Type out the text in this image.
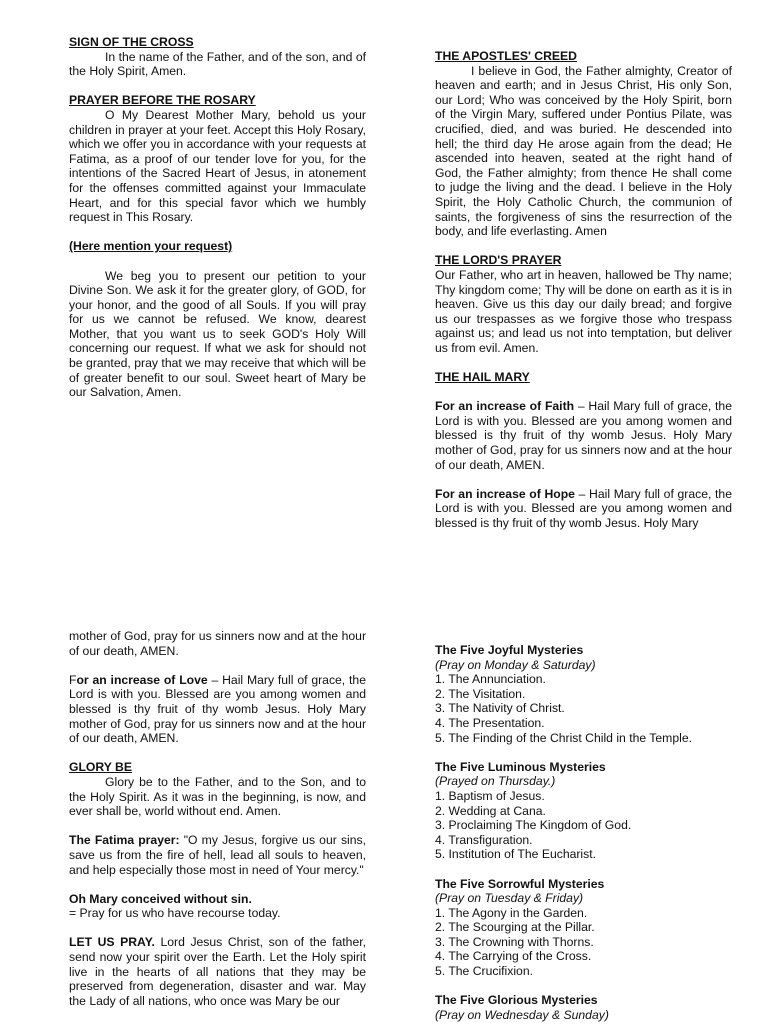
SIGN OF THE CROSS

In the name of the Father, and of the son, and of the Holy Spirit, Amen.

PRAYER BEFORE THE ROSARY

O My Dearest Mother Mary, behold us your children in prayer at your feet. Accept this Holy Rosary, which we offer you in accordance with your requests at Fatima, as a proof of our tender love for you, for the intentions of the Sacred Heart of Jesus, in atonement for the offenses committed against your Immaculate Heart, and for this special favor which we humbly request in This Rosary.

(Here mention your request)

We beg you to present our petition to your Divine Son. We ask it for the greater glory, of GOD, for your honor, and the good of all Souls. If you will pray for us we cannot be refused. We know, dearest Mother, that you want us to seek GOD's Holy Will concerning our request. If what we ask for should not be granted, pray that we may receive that which will be of greater benefit to our soul. Sweet heart of Mary be our Salvation, Amen.

THE APOSTLES' CREED

I believe in God, the Father almighty, Creator of heaven and earth; and in Jesus Christ, His only Son, our Lord; Who was conceived by the Holy Spirit, born of the Virgin Mary, suffered under Pontius Pilate, was crucified, died, and was buried. He descended into hell; the third day He arose again from the dead; He ascended into heaven, seated at the right hand of God, the Father almighty; from thence He shall come to judge the living and the dead. I believe in the Holy Spirit, the Holy Catholic Church, the communion of saints, the forgiveness of sins the resurrection of the body, and life everlasting. Amen

THE LORD'S PRAYER

Our Father, who art in heaven, hallowed be Thy name; Thy kingdom come; Thy will be done on earth as it is in heaven. Give us this day our daily bread; and forgive us our trespasses as we forgive those who trespass against us; and lead us not into temptation, but deliver us from evil. Amen.

THE HAIL MARY

For an increase of Faith – Hail Mary full of grace, the Lord is with you. Blessed are you among women and blessed is thy fruit of thy womb Jesus. Holy Mary mother of God, pray for us sinners now and at the hour of our death, AMEN.

For an increase of Hope – Hail Mary full of grace, the Lord is with you. Blessed are you among women and blessed is thy fruit of thy womb Jesus. Holy Mary

mother of God, pray for us sinners now and at the hour of our death, AMEN.

For an increase of Love – Hail Mary full of grace, the Lord is with you. Blessed are you among women and blessed is thy fruit of thy womb Jesus. Holy Mary mother of God, pray for us sinners now and at the hour of our death, AMEN.

GLORY BE

Glory be to the Father, and to the Son, and to the Holy Spirit. As it was in the beginning, is now, and ever shall be, world without end. Amen.

The Fatima prayer: "O my Jesus, forgive us our sins, save us from the fire of hell, lead all souls to heaven, and help especially those most in need of Your mercy."

Oh Mary conceived without sin.

= Pray for us who have recourse today.

LET US PRAY. Lord Jesus Christ, son of the father, send now your spirit over the Earth. Let the Holy spirit live in the hearts of all nations that they may be preserved from degeneration, disaster and war. May the Lady of all nations, who once was Mary be our

The Five Joyful Mysteries
(Pray on Monday & Saturday)
1. The Annunciation.
2. The Visitation.
3. The Nativity of Christ.
4. The Presentation.
5. The Finding of the Christ Child in the Temple.
The Five Luminous Mysteries
(Prayed on Thursday.)
1. Baptism of Jesus.
2. Wedding at Cana.
3. Proclaiming The Kingdom of God.
4. Transfiguration.
5. Institution of The Eucharist.
The Five Sorrowful Mysteries
(Pray on Tuesday & Friday)
1. The Agony in the Garden.
2. The Scourging at the Pillar.
3. The Crowning with Thorns.
4. The Carrying of the Cross.
5. The Crucifixion.
The Five Glorious Mysteries
(Pray on Wednesday & Sunday)
